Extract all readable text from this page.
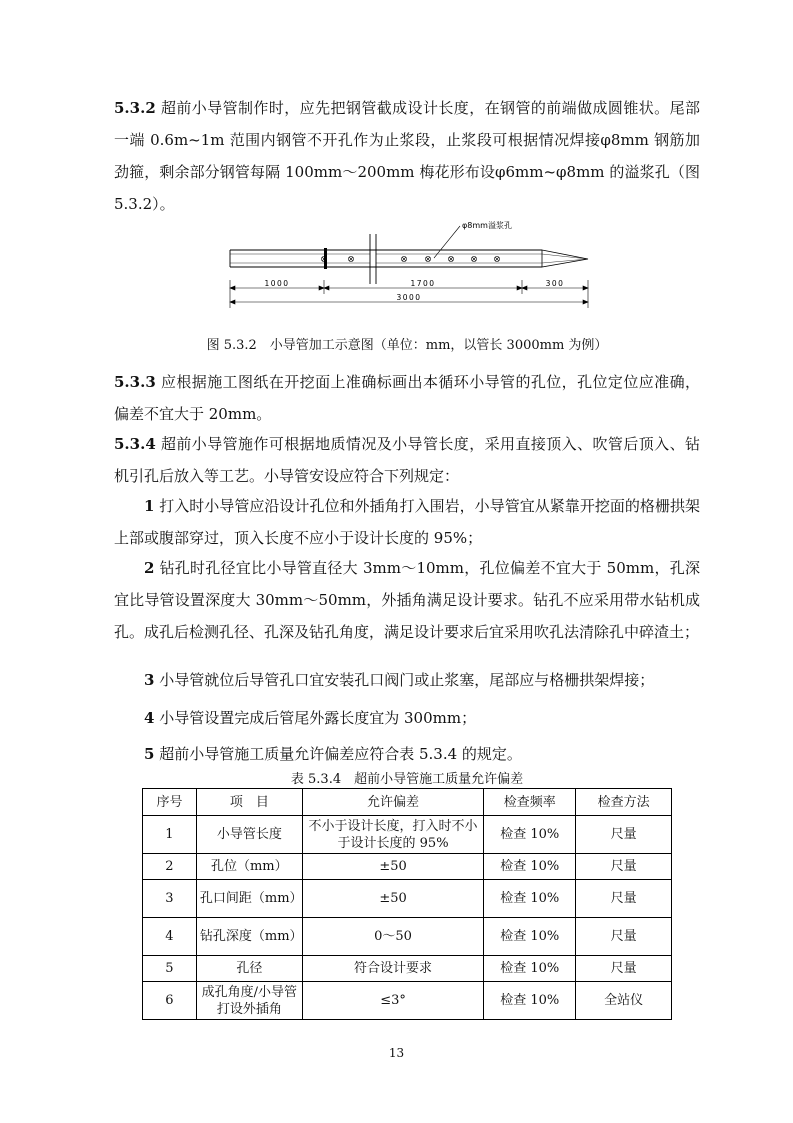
5.3.2 超前小导管制作时，应先把钢管截成设计长度，在钢管的前端做成圆锥状。尾部一端 0.6m~1m 范围内钢管不开孔作为止浆段，止浆段可根据情况焊接φ8mm 钢筋加劲箍，剩余部分钢管每隔 100mm～200mm 梅花形布设φ6mm~φ8mm 的溢浆孔（图 5.3.2）。

φ8mm溢浆孔
1000	1700	300
3000

图 5.3.2　小导管加工示意图（单位：mm，以管长 3000mm 为例）

5.3.3 应根据施工图纸在开挖面上准确标画出本循环小导管的孔位，孔位定位应准确，偏差不宜大于 20mm。

5.3.4 超前小导管施作可根据地质情况及小导管长度，采用直接顶入、吹管后顶入、钻机引孔后放入等工艺。小导管安设应符合下列规定：

1 打入时小导管应沿设计孔位和外插角打入围岩，小导管宜从紧靠开挖面的格栅拱架上部或腹部穿过，顶入长度不应小于设计长度的 95%；

2 钻孔时孔径宜比小导管直径大 3mm～10mm，孔位偏差不宜大于 50mm，孔深宜比导管设置深度大 30mm～50mm，外插角满足设计要求。钻孔不应采用带水钻机成孔。成孔后检测孔径、孔深及钻孔角度，满足设计要求后宜采用吹孔法清除孔中碎渣土；

3 小导管就位后导管孔口宜安装孔口阀门或止浆塞，尾部应与格栅拱架焊接；

4 小导管设置完成后管尾外露长度宜为 300mm；

5 超前小导管施工质量允许偏差应符合表 5.3.4 的规定。

表 5.3.4　超前小导管施工质量允许偏差

序号	项　目	允许偏差	检查频率	检查方法
1	小导管长度	不小于设计长度，打入时不小于设计长度的 95%	检查 10%	尺量
2	孔位（mm）	±50	检查 10%	尺量
3	孔口间距（mm）	±50	检查 10%	尺量
4	钻孔深度（mm）	0～50	检查 10%	尺量
5	孔径	符合设计要求	检查 10%	尺量
6	成孔角度/小导管打设外插角	≤3°	检查 10%	全站仪
13
